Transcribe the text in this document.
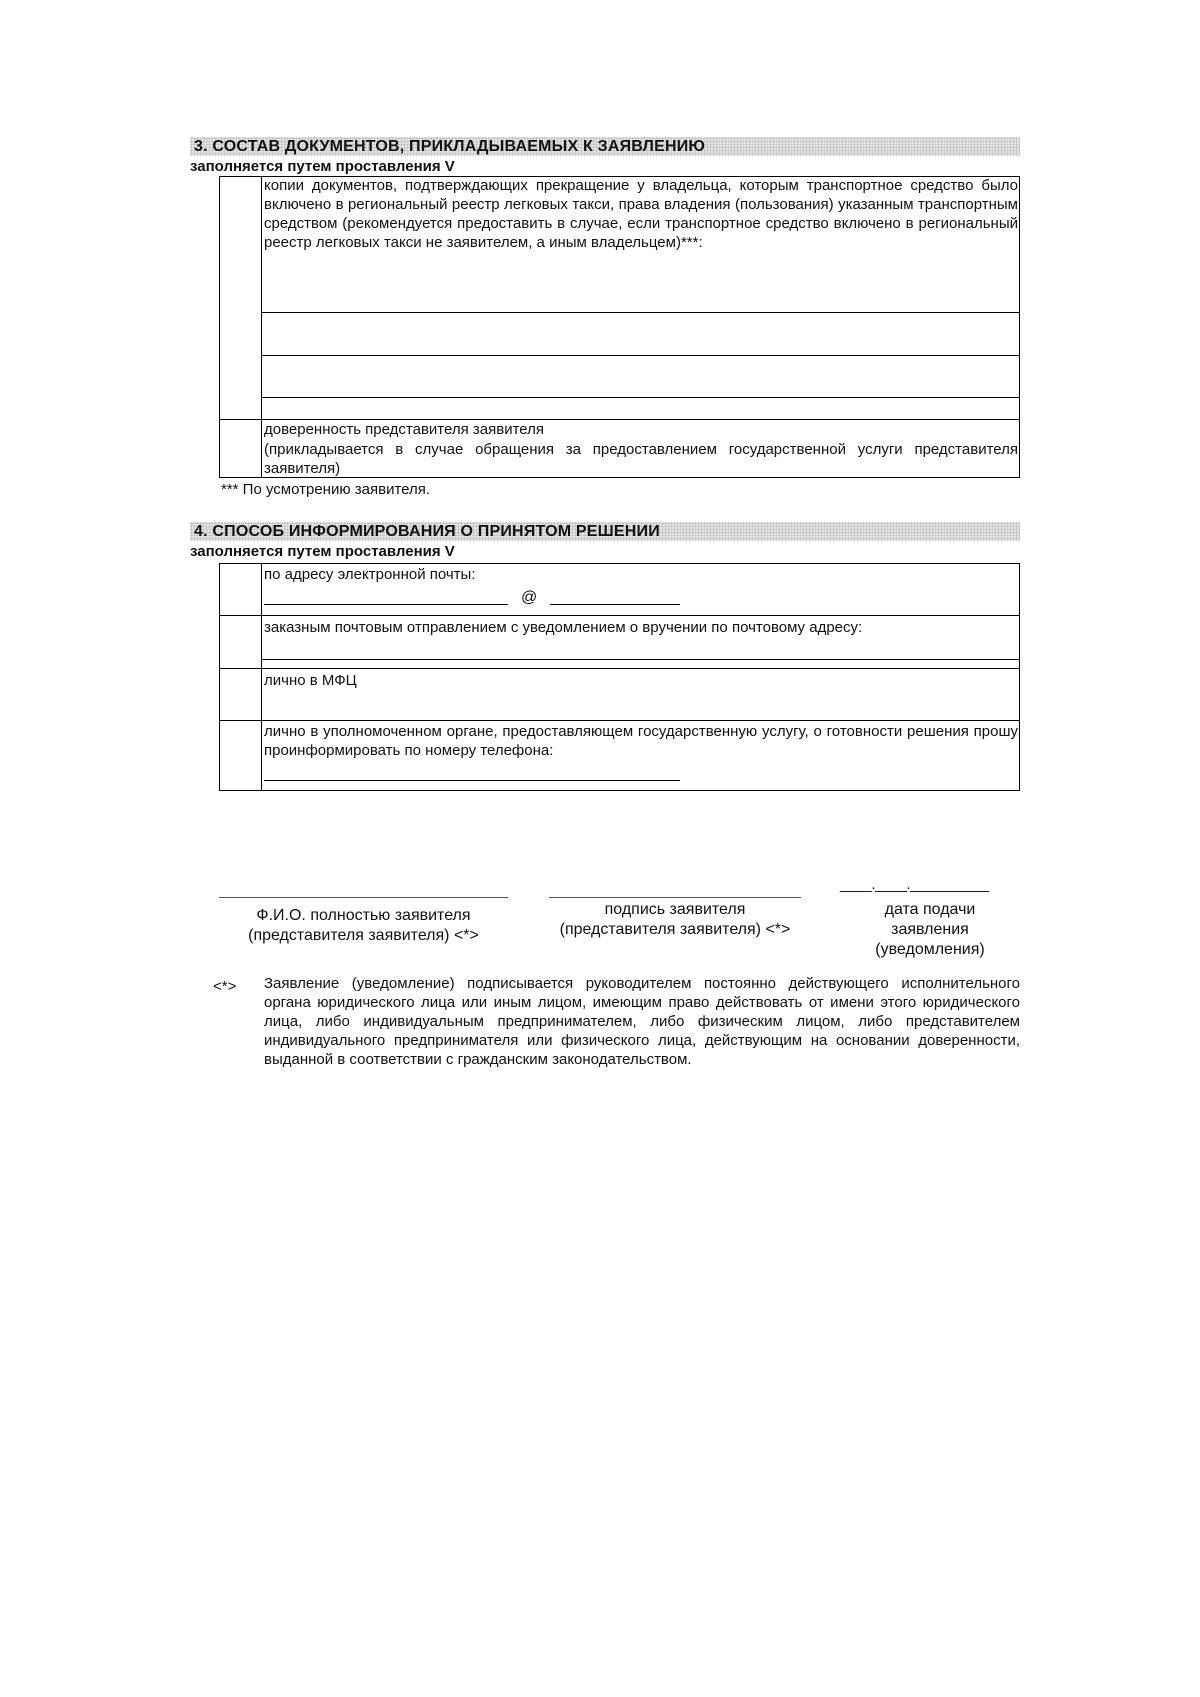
3. СОСТАВ ДОКУМЕНТОВ, ПРИКЛАДЫВАЕМЫХ К ЗАЯВЛЕНИЮ
заполняется путем проставления V
копии документов, подтверждающих прекращение у владельца, которым транспортное средство было включено в региональный реестр легковых такси, права владения (пользования) указанным транспортным средством (рекомендуется предоставить в случае, если транспортное средство включено в региональный реестр легковых такси не заявителем, а иным владельцем)***:
доверенность представителя заявителя
(прикладывается в случае обращения за предоставлением государственной услуги представителя заявителя)
*** По усмотрению заявителя.
4. СПОСОБ ИНФОРМИРОВАНИЯ О ПРИНЯТОМ РЕШЕНИИ
заполняется путем проставления V
по адресу электронной почты:
@
заказным почтовым отправлением с уведомлением о вручении по почтовому адресу:
лично в МФЦ
лично в уполномоченном органе, предоставляющем государственную услугу, о готовности решения прошу проинформировать по номеру телефона:
____.____.__________
Ф.И.О. полностью заявителя
(представителя заявителя) <*>
подпись заявителя
(представителя заявителя) <*>
дата подачи
заявления
(уведомления)
<*> Заявление (уведомление) подписывается руководителем постоянно действующего исполнительного органа юридического лица или иным лицом, имеющим право действовать от имени этого юридического лица, либо индивидуальным предпринимателем, либо физическим лицом, либо представителем индивидуального предпринимателя или физического лица, действующим на основании доверенности, выданной в соответствии с гражданским законодательством.
